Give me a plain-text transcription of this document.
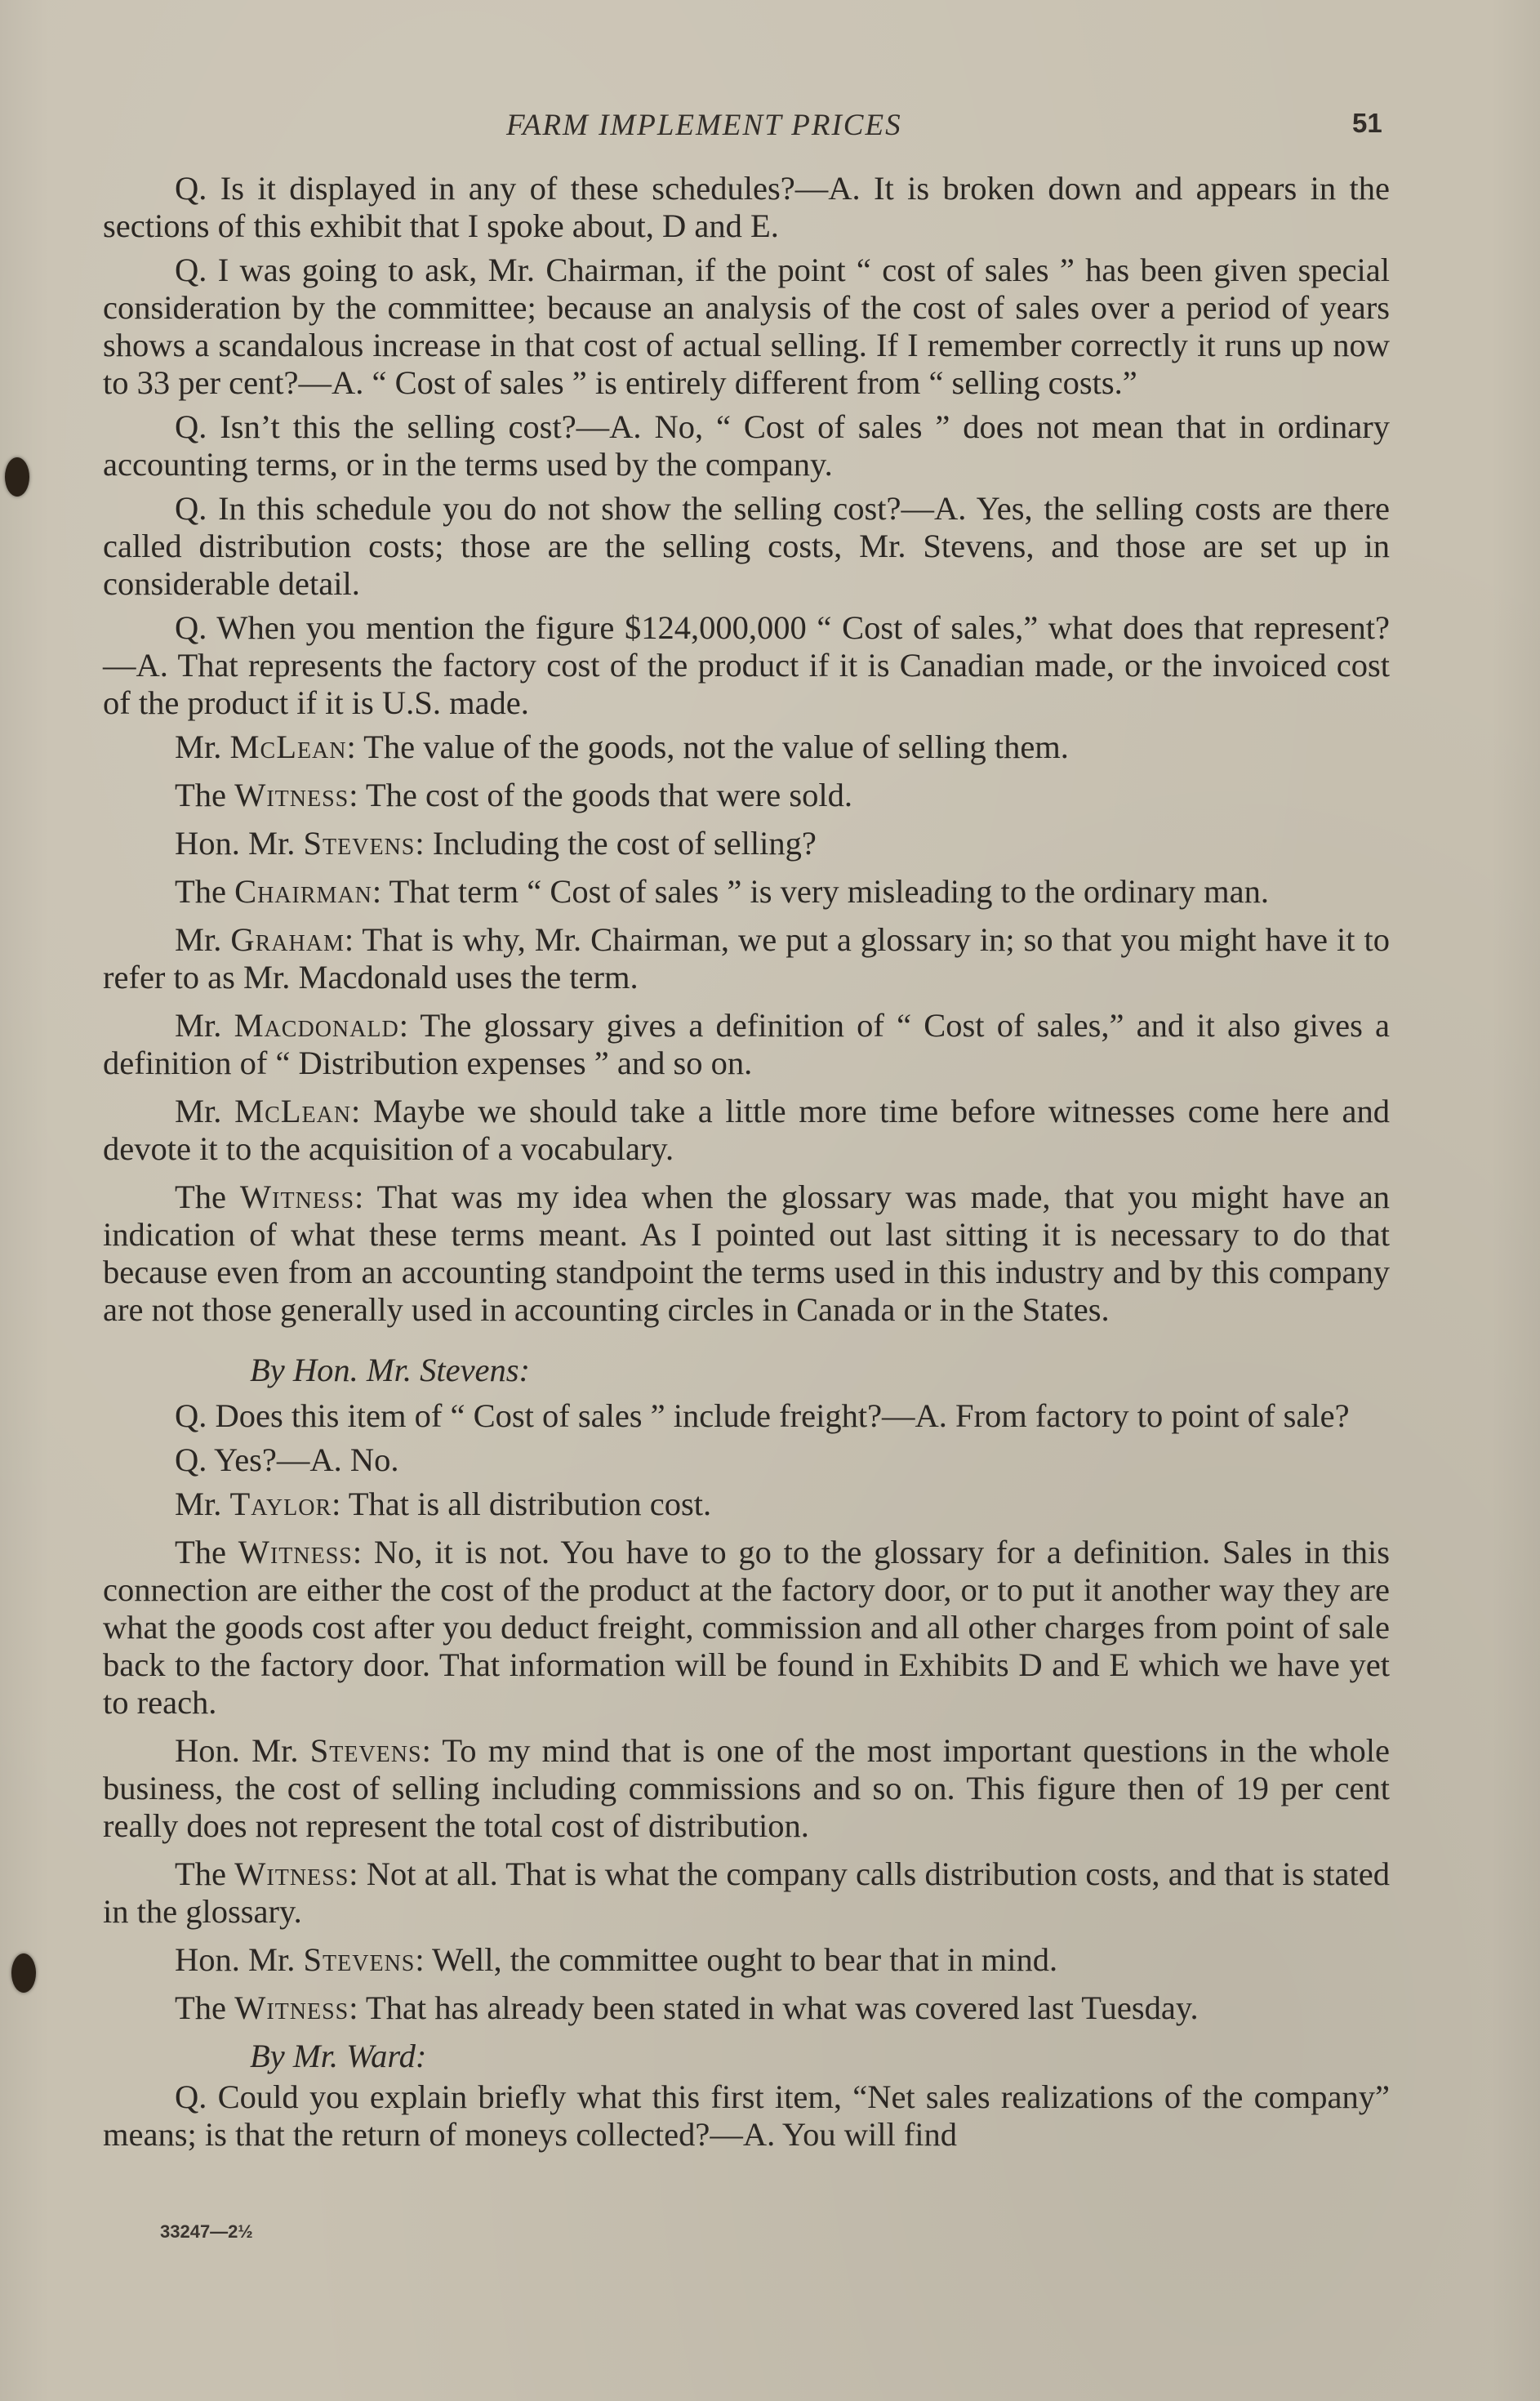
FARM IMPLEMENT PRICES	51

Q. Is it displayed in any of these schedules?—A. It is broken down and appears in the sections of this exhibit that I spoke about, D and E.

Q. I was going to ask, Mr. Chairman, if the point “ cost of sales ” has been given special consideration by the committee; because an analysis of the cost of sales over a period of years shows a scandalous increase in that cost of actual selling. If I remember correctly it runs up now to 33 per cent?—A. “ Cost of sales ” is entirely different from “ selling costs.”

Q. Isn’t this the selling cost?—A. No, “ Cost of sales ” does not mean that in ordinary accounting terms, or in the terms used by the company.

Q. In this schedule you do not show the selling cost?—A. Yes, the selling costs are there called distribution costs; those are the selling costs, Mr. Stevens, and those are set up in considerable detail.

Q. When you mention the figure $124,000,000 “ Cost of sales,” what does that represent?—A. That represents the factory cost of the product if it is Canadian made, or the invoiced cost of the product if it is U.S. made.

Mr. McLean: The value of the goods, not the value of selling them.

The Witness: The cost of the goods that were sold.

Hon. Mr. Stevens: Including the cost of selling?

The Chairman: That term “ Cost of sales ” is very misleading to the ordinary man.

Mr. Graham: That is why, Mr. Chairman, we put a glossary in; so that you might have it to refer to as Mr. Macdonald uses the term.

Mr. Macdonald: The glossary gives a definition of “ Cost of sales,” and it also gives a definition of “ Distribution expenses ” and so on.

Mr. McLean: Maybe we should take a little more time before witnesses come here and devote it to the acquisition of a vocabulary.

The Witness: That was my idea when the glossary was made, that you might have an indication of what these terms meant. As I pointed out last sitting it is necessary to do that because even from an accounting standpoint the terms used in this industry and by this company are not those generally used in accounting circles in Canada or in the States.

By Hon. Mr. Stevens:

Q. Does this item of “ Cost of sales ” include freight?—A. From factory to point of sale?

Q. Yes?—A. No.

Mr. Taylor: That is all distribution cost.

The Witness: No, it is not. You have to go to the glossary for a definition. Sales in this connection are either the cost of the product at the factory door, or to put it another way they are what the goods cost after you deduct freight, commission and all other charges from point of sale back to the factory door. That information will be found in Exhibits D and E which we have yet to reach.

Hon. Mr. Stevens: To my mind that is one of the most important questions in the whole business, the cost of selling including commissions and so on. This figure then of 19 per cent really does not represent the total cost of distribution.

The Witness: Not at all. That is what the company calls distribution costs, and that is stated in the glossary.

Hon. Mr. Stevens: Well, the committee ought to bear that in mind.

The Witness: That has already been stated in what was covered last Tuesday.

By Mr. Ward:

Q. Could you explain briefly what this first item, “Net sales realizations of the company” means; is that the return of moneys collected?—A. You will find

33247—2½
